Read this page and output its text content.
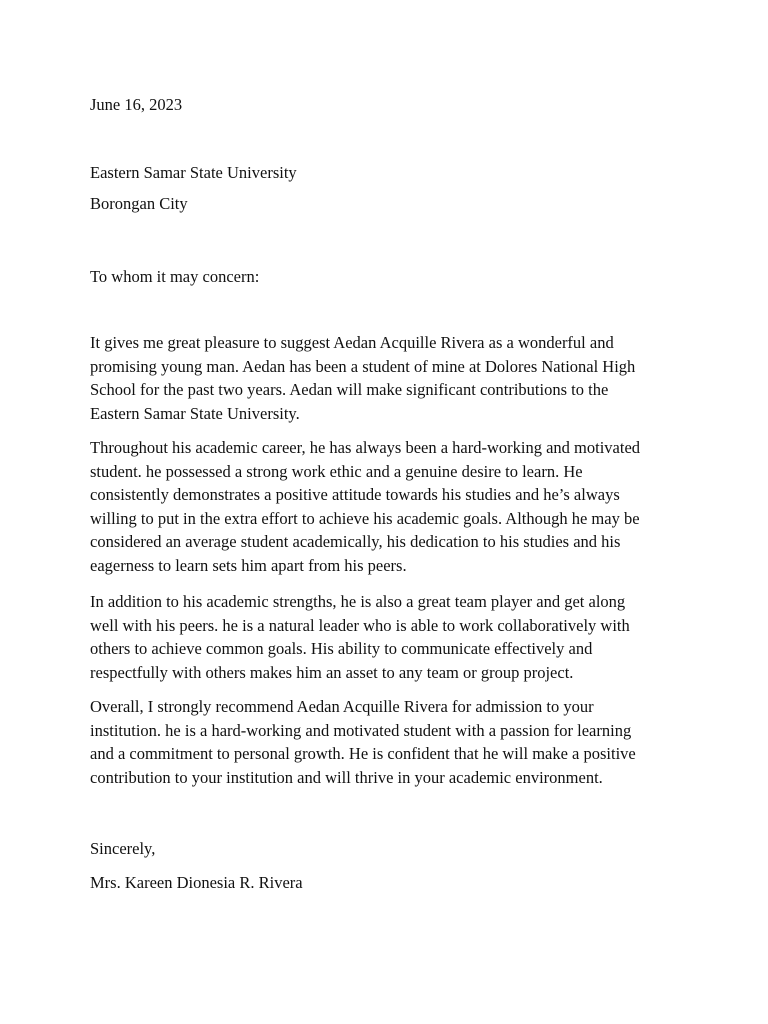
June 16, 2023
Eastern Samar State University
Borongan City
To whom it may concern:
It gives me great pleasure to suggest Aedan Acquille Rivera as a wonderful and
promising young man. Aedan has been a student of mine at Dolores National High
School for the past two years. Aedan will make significant contributions to the
Eastern Samar State University.
Throughout his academic career, he has always been a hard-working and motivated
student. he possessed a strong work ethic and a genuine desire to learn. He
consistently demonstrates a positive attitude towards his studies and he’s always
willing to put in the extra effort to achieve his academic goals. Although he may be
considered an average student academically, his dedication to his studies and his
eagerness to learn sets him apart from his peers.
In addition to his academic strengths, he is also a great team player and get along
well with his peers. he is a natural leader who is able to work collaboratively with
others to achieve common goals. His ability to communicate effectively and
respectfully with others makes him an asset to any team or group project.
Overall, I strongly recommend Aedan Acquille Rivera for admission to your
institution. he is a hard-working and motivated student with a passion for learning
and a commitment to personal growth. He is confident that he will make a positive
contribution to your institution and will thrive in your academic environment.
Sincerely,
Mrs. Kareen Dionesia R. Rivera
